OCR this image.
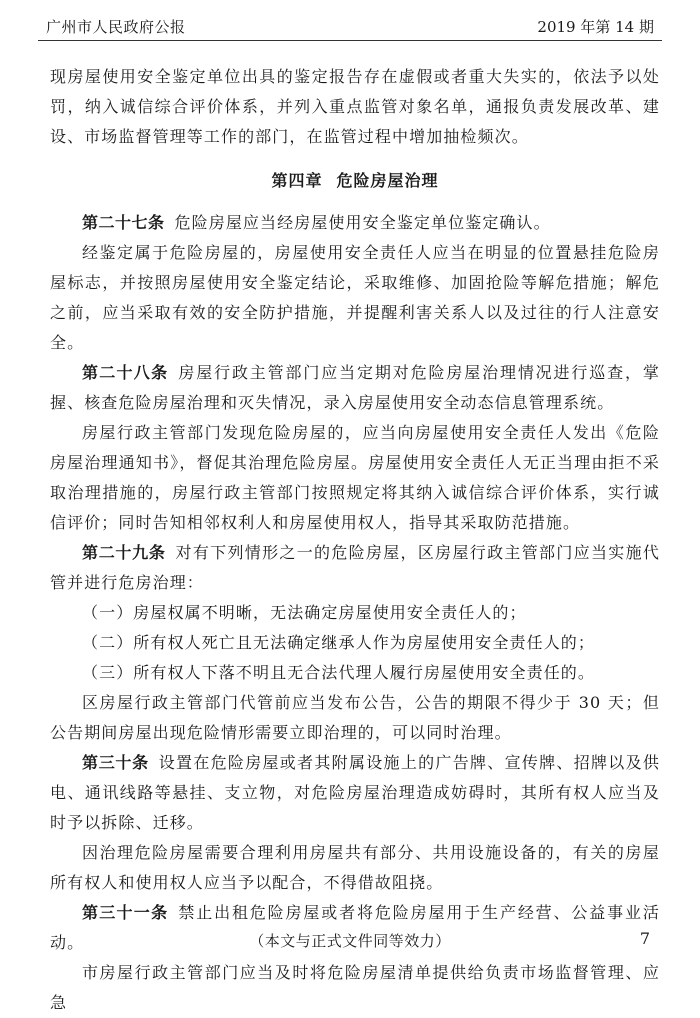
广州市人民政府公报	2019 年第 14 期

现房屋使用安全鉴定单位出具的鉴定报告存在虚假或者重大失实的，依法予以处罚，纳入诚信综合评价体系，并列入重点监管对象名单，通报负责发展改革、建设、市场监督管理等工作的部门，在监管过程中增加抽检频次。

第四章 危险房屋治理

第二十七条 危险房屋应当经房屋使用安全鉴定单位鉴定确认。

经鉴定属于危险房屋的，房屋使用安全责任人应当在明显的位置悬挂危险房屋标志，并按照房屋使用安全鉴定结论，采取维修、加固抢险等解危措施；解危之前，应当采取有效的安全防护措施，并提醒利害关系人以及过往的行人注意安全。

第二十八条 房屋行政主管部门应当定期对危险房屋治理情况进行巡查，掌握、核查危险房屋治理和灭失情况，录入房屋使用安全动态信息管理系统。

房屋行政主管部门发现危险房屋的，应当向房屋使用安全责任人发出《危险房屋治理通知书》，督促其治理危险房屋。房屋使用安全责任人无正当理由拒不采取治理措施的，房屋行政主管部门按照规定将其纳入诚信综合评价体系，实行诚信评价；同时告知相邻权利人和房屋使用权人，指导其采取防范措施。

第二十九条 对有下列情形之一的危险房屋，区房屋行政主管部门应当实施代管并进行危房治理：

（一）房屋权属不明晰，无法确定房屋使用安全责任人的；

（二）所有权人死亡且无法确定继承人作为房屋使用安全责任人的；

（三）所有权人下落不明且无合法代理人履行房屋使用安全责任的。

区房屋行政主管部门代管前应当发布公告，公告的期限不得少于 30 天；但公告期间房屋出现危险情形需要立即治理的，可以同时治理。

第三十条 设置在危险房屋或者其附属设施上的广告牌、宣传牌、招牌以及供电、通讯线路等悬挂、支立物，对危险房屋治理造成妨碍时，其所有权人应当及时予以拆除、迁移。

因治理危险房屋需要合理利用房屋共有部分、共用设施设备的，有关的房屋所有权人和使用权人应当予以配合，不得借故阻挠。

第三十一条 禁止出租危险房屋或者将危险房屋用于生产经营、公益事业活动。

市房屋行政主管部门应当及时将危险房屋清单提供给负责市场监督管理、应急

（本文与正式文件同等效力）	7
